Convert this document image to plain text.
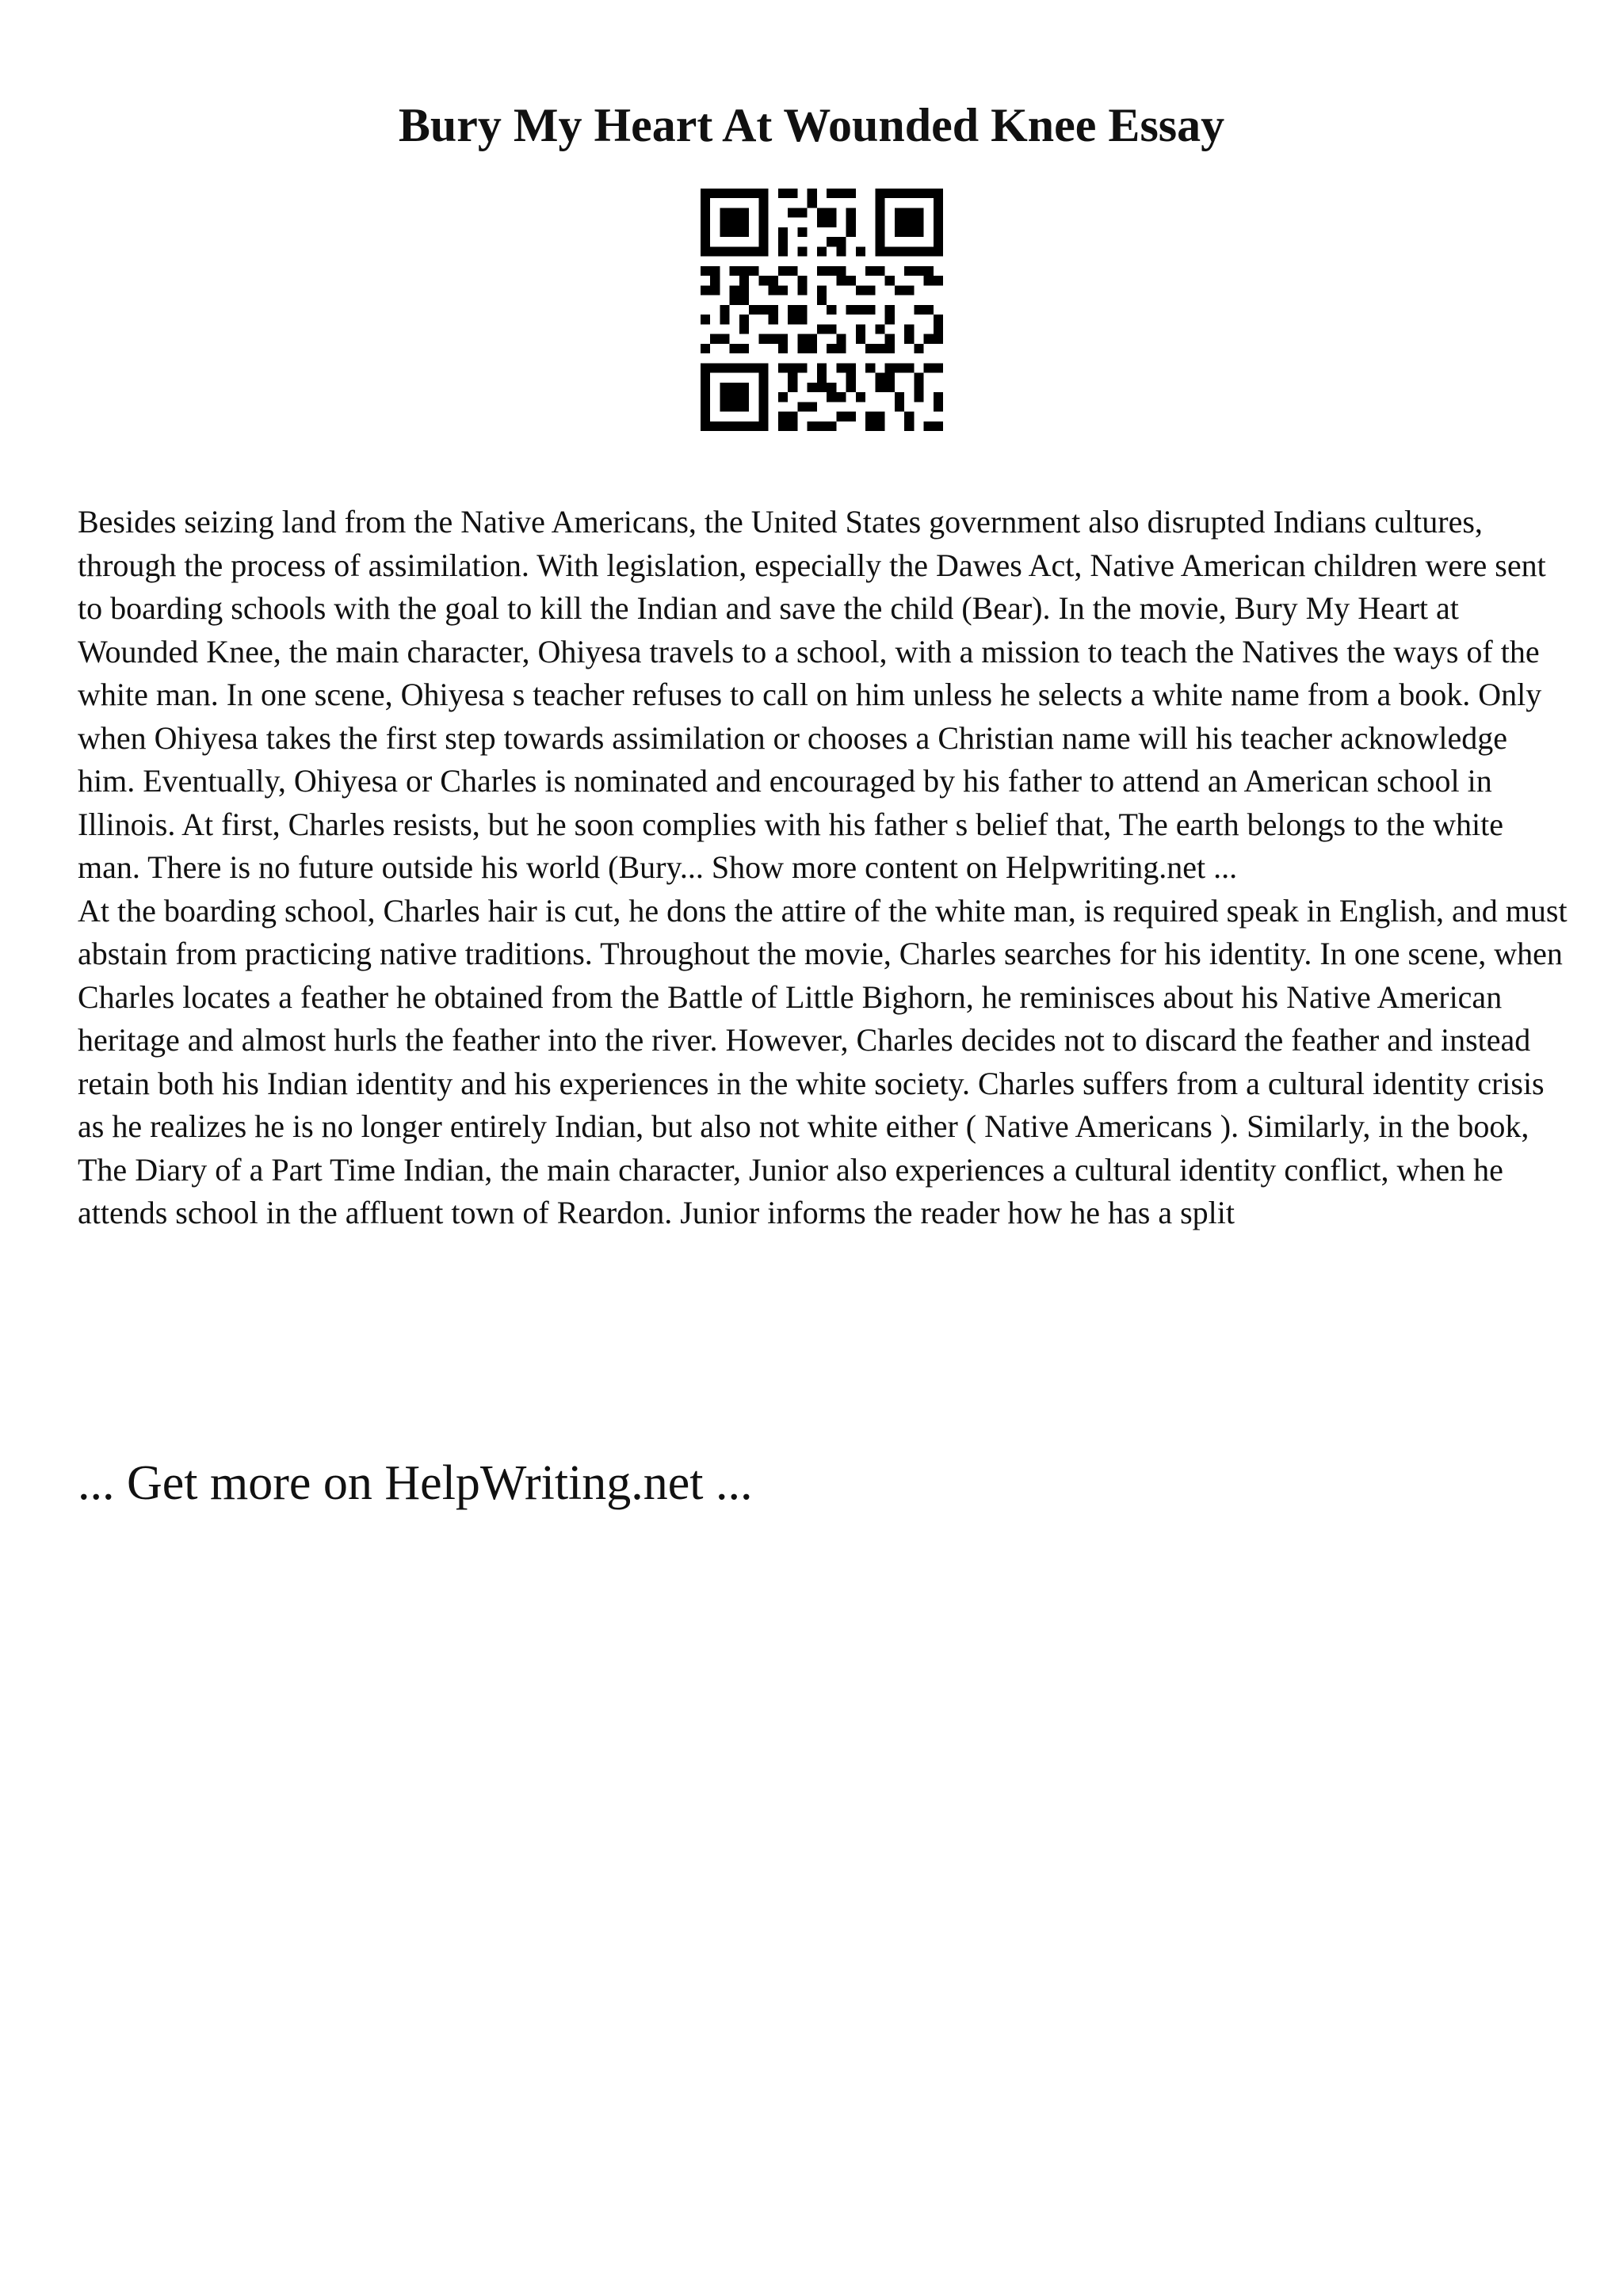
Bury My Heart At Wounded Knee Essay

Besides seizing land from the Native Americans, the United States government also disrupted Indians cultures, through the process of assimilation. With legislation, especially the Dawes Act, Native American children were sent to boarding schools with the goal to kill the Indian and save the child (Bear). In the movie, Bury My Heart at Wounded Knee, the main character, Ohiyesa travels to a school, with a mission to teach the Natives the ways of the white man. In one scene, Ohiyesa s teacher refuses to call on him unless he selects a white name from a book. Only when Ohiyesa takes the first step towards assimilation or chooses a Christian name will his teacher acknowledge him. Eventually, Ohiyesa or Charles is nominated and encouraged by his father to attend an American school in Illinois. At first, Charles resists, but he soon complies with his father s belief that, The earth belongs to the white man. There is no future outside his world (Bury... Show more content on Helpwriting.net ...

At the boarding school, Charles hair is cut, he dons the attire of the white man, is required speak in English, and must abstain from practicing native traditions. Throughout the movie, Charles searches for his identity. In one scene, when Charles locates a feather he obtained from the Battle of Little Bighorn, he reminisces about his Native American heritage and almost hurls the feather into the river. However, Charles decides not to discard the feather and instead retain both his Indian identity and his experiences in the white society. Charles suffers from a cultural identity crisis as he realizes he is no longer entirely Indian, but also not white either ( Native Americans ). Similarly, in the book, The Diary of a Part Time Indian, the main character, Junior also experiences a cultural identity conflict, when he attends school in the affluent town of Reardon. Junior informs the reader how he has a split

... Get more on HelpWriting.net ...
